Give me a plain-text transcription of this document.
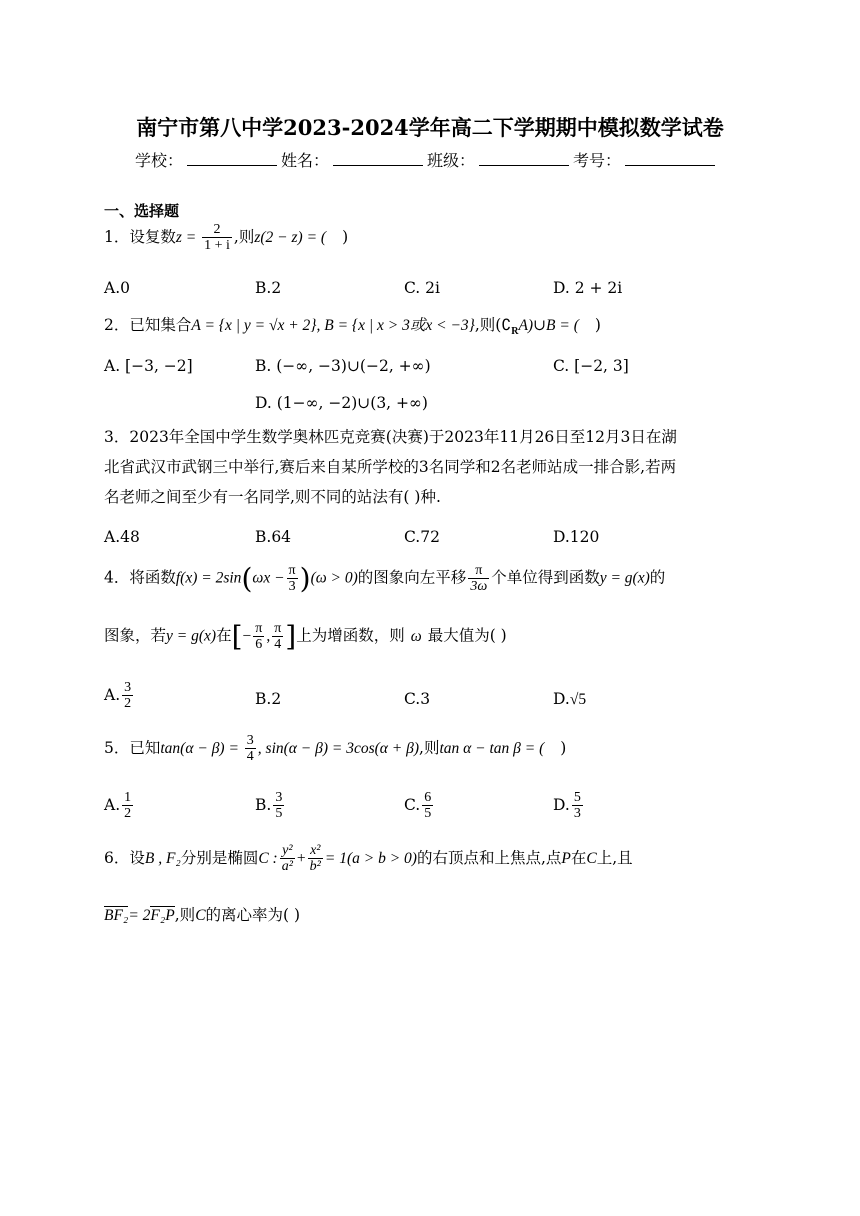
南宁市第八中学2023-2024学年高二下学期期中模拟数学试卷
学校：	姓名：	班级：	考号：
一、选择题
1．设复数$z = \frac{2}{1 + i}$ ,则z(2 − z) = ( )
A.0	B.2	C. 2i	D. 2 + 2i
2．已知集合A = {x | y = √x + 2}, B = {x | x > 3或x < −3},则$(∁_RA)\cup B$ = ( )
A. [−3, −2]	B. (−∞, −3)∪(−2, +∞)	C. [−2, 3]
D. (1−∞, −2)∪(3, +∞)
3．2023年全国中学生数学奥林匹克竞赛(决赛)于2023年11月26日至12月3日在湖
北省武汉市武钢三中举行,赛后来自某所学校的3名同学和2名老师站成一排合影,若两
名老师之间至少有一名同学,则不同的站法有( )种.
A.48	B.64	C.72	D.120
4．将函数$f(x) = 2\sin(\omega x - \frac{\pi}{3} )(\omega > 0)$的图象向左平移 $\frac{\pi}{3\omega}$ 个单位得到函数y = g(x)的
图象，若y = g(x)在[− $\frac{\pi}{6}$ , $\frac{\pi}{4}$ ]上为增函数，则 ω 最大值为( )
A. $\frac{3}{2}$	B.2	C.3	D.√5
5．已知$\tan(\alpha - \beta) = \frac{3}{4}$ , sin(α − β) = 3cos(α + β),则tan α − tan β = ( )
A. $\frac{1}{2}$	B. $\frac{3}{5}$	C. $\frac{6}{5}$	D. $\frac{5}{3}$
6．设B , F₂分别是椭圆C : $\frac{\text{y²}}{\text{a²}} + \frac{\text{x²}}{\text{b²}} = 1(a > b > 0)$的右顶点和上焦点,点P在C上,且
BF₂= 2F₂P,则C的离心率为( )
